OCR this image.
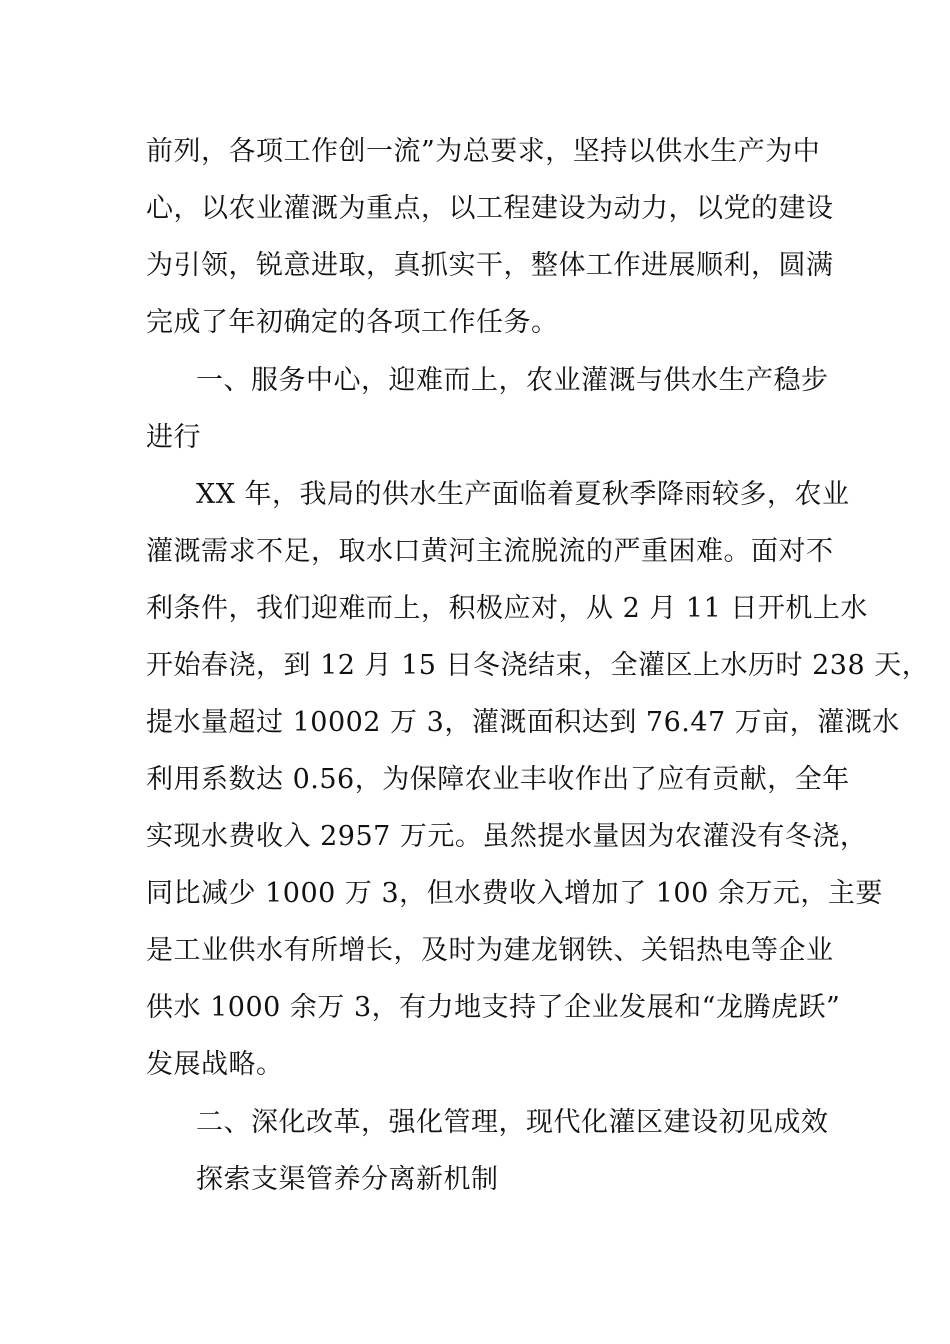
前列，各项工作创一流”为总要求，坚持以供水生产为中
心，以农业灌溉为重点，以工程建设为动力，以党的建设
为引领，锐意进取，真抓实干，整体工作进展顺利，圆满
完成了年初确定的各项工作任务。
一、服务中心，迎难而上，农业灌溉与供水生产稳步
进行
XX 年，我局的供水生产面临着夏秋季降雨较多，农业
灌溉需求不足，取水口黄河主流脱流的严重困难。面对不
利条件，我们迎难而上，积极应对，从 2 月 11 日开机上水
开始春浇，到 12 月 15 日冬浇结束，全灌区上水历时 238 天，
提水量超过 10002 万 3，灌溉面积达到 76.47 万亩，灌溉水
利用系数达 0.56，为保障农业丰收作出了应有贡献，全年
实现水费收入 2957 万元。虽然提水量因为农灌没有冬浇，
同比减少 1000 万 3，但水费收入增加了 100 余万元，主要
是工业供水有所增长，及时为建龙钢铁、关铝热电等企业
供水 1000 余万 3，有力地支持了企业发展和“龙腾虎跃”
发展战略。
二、深化改革，强化管理，现代化灌区建设初见成效
探索支渠管养分离新机制
